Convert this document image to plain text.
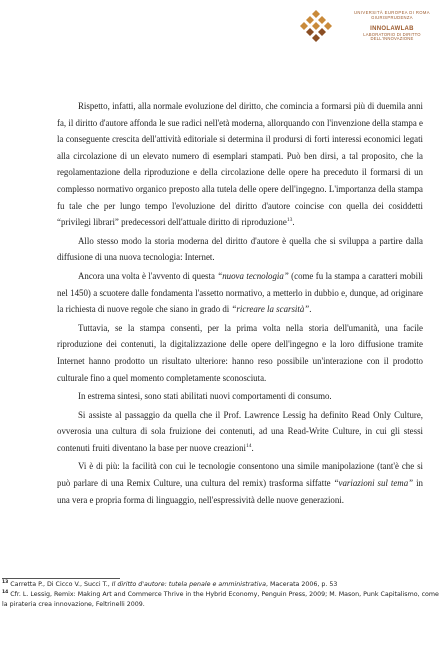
UNIVERSITÀ EUROPEA DI ROMA
GIURISPRUDENZA
INNOLAWLAB
LABORATORIO DI DIRITTO DELL'INNOVAZIONE

Rispetto, infatti, alla normale evoluzione del diritto, che comincia a formarsi più di duemila anni fa, il diritto d'autore affonda le sue radici nell'età moderna, allorquando con l'invenzione della stampa e la conseguente crescita dell'attività editoriale si determina il prodursi di forti interessi economici legati alla circolazione di un elevato numero di esemplari stampati. Può ben dirsi, a tal proposito, che la regolamentazione della riproduzione e della circolazione delle opere ha preceduto il formarsi di un complesso normativo organico preposto alla tutela delle opere dell'ingegno. L'importanza della stampa fu tale che per lungo tempo l'evoluzione del diritto d'autore coincise con quella dei cosiddetti “privilegi librari” predecessori dell'attuale diritto di riproduzione$^{13}$.

Allo stesso modo la storia moderna del diritto d'autore è quella che si sviluppa a partire dalla diffusione di una nuova tecnologia: Internet.

Ancora una volta è l'avvento di questa “nuova tecnologia” (come fu la stampa a caratteri mobili nel 1450) a scuotere dalle fondamenta l'assetto normativo, a metterlo in dubbio e, dunque, ad originare la richiesta di nuove regole che siano in grado di “ricreare la scarsità”.

Tuttavia, se la stampa consentì, per la prima volta nella storia dell'umanità, una facile riproduzione dei contenuti, la digitalizzazione delle opere dell'ingegno e la loro diffusione tramite Internet hanno prodotto un risultato ulteriore: hanno reso possibile un'interazione con il prodotto culturale fino a quel momento completamente sconosciuta.

In estrema sintesi, sono stati abilitati nuovi comportamenti di consumo.

Si assiste al passaggio da quella che il Prof. Lawrence Lessig ha definito Read Only Culture, ovverosia una cultura di sola fruizione dei contenuti, ad una Read-Write Culture, in cui gli stessi contenuti fruiti diventano la base per nuove creazioni$^{14}$.

Vi è di più: la facilità con cui le tecnologie consentono una simile manipolazione (tant'è che si può parlare di una Remix Culture, una cultura del remix) trasforma siffatte “variazioni sul tema” in una vera e propria forma di linguaggio, nell'espressività delle nuove generazioni.

$^{13}$ Carretta P., Di Cicco V., Succi T., Il diritto d'autore: tutela penale e amministrativa, Macerata 2006, p. 53

$^{14}$ Cfr. L. Lessig, Remix: Making Art and Commerce Thrive in the Hybrid Economy, Penguin Press, 2009; M. Mason, Punk Capitalismo, come la pirateria crea innovazione, Feltrinelli 2009.
